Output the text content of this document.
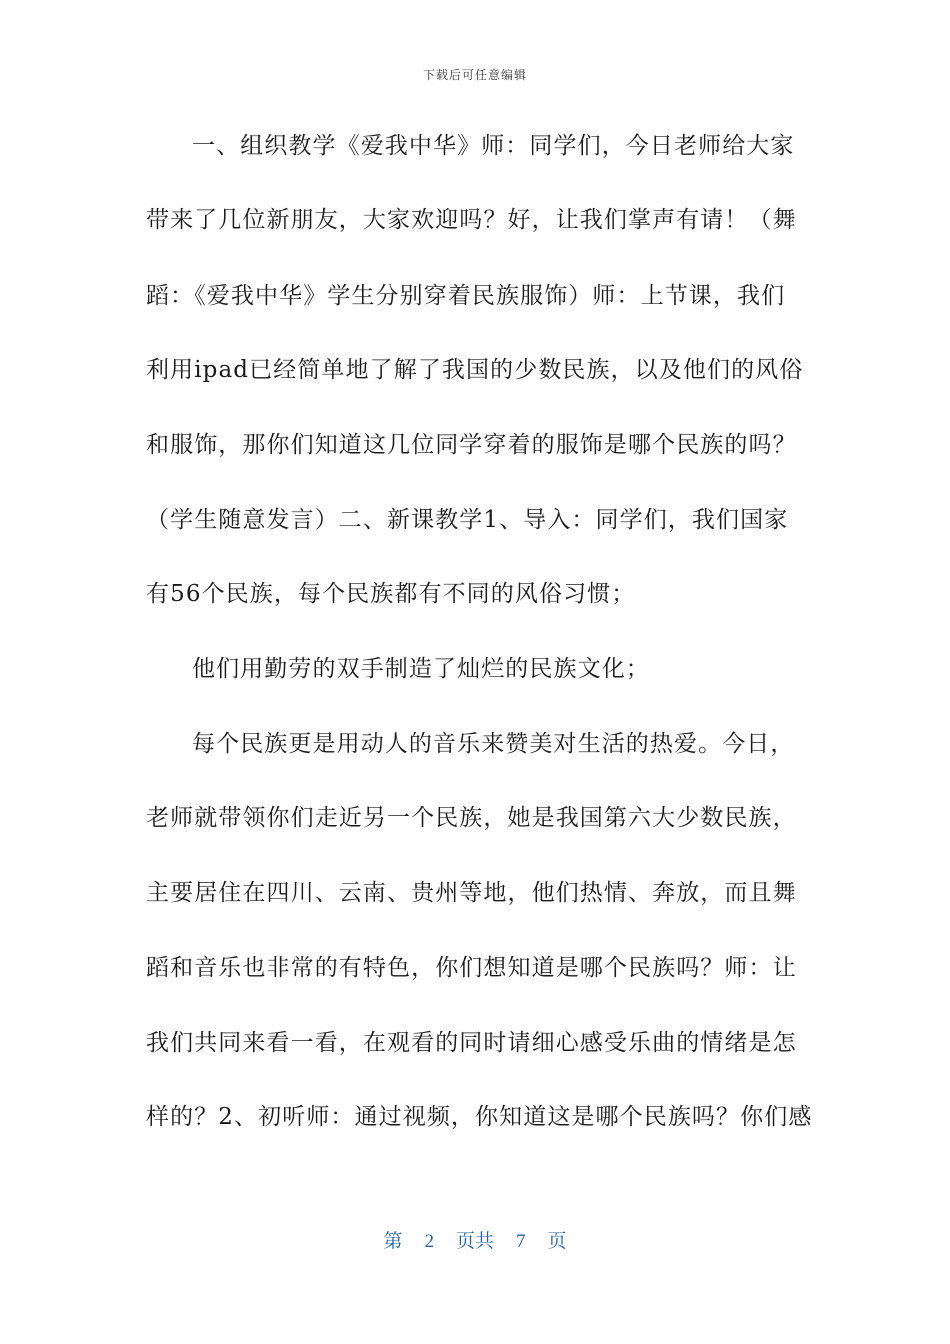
下载后可任意编辑
一、组织教学《爱我中华》师：同学们，今日老师给大家
带来了几位新朋友，大家欢迎吗？好，让我们掌声有请！（舞
蹈：《爱我中华》学生分别穿着民族服饰）师：上节课，我们
利用ipad已经简单地了解了我国的少数民族，以及他们的风俗
和服饰，那你们知道这几位同学穿着的服饰是哪个民族的吗？
（学生随意发言）二、新课教学1、导入：同学们，我们国家
有56个民族，每个民族都有不同的风俗习惯；
他们用勤劳的双手制造了灿烂的民族文化；
每个民族更是用动人的音乐来赞美对生活的热爱。今日，
老师就带领你们走近另一个民族，她是我国第六大少数民族，
主要居住在四川、云南、贵州等地，他们热情、奔放，而且舞
蹈和音乐也非常的有特色，你们想知道是哪个民族吗？师：让
我们共同来看一看，在观看的同时请细心感受乐曲的情绪是怎
样的？2、初听师：通过视频，你知道这是哪个民族吗？你们感
第 2 页共 7 页
